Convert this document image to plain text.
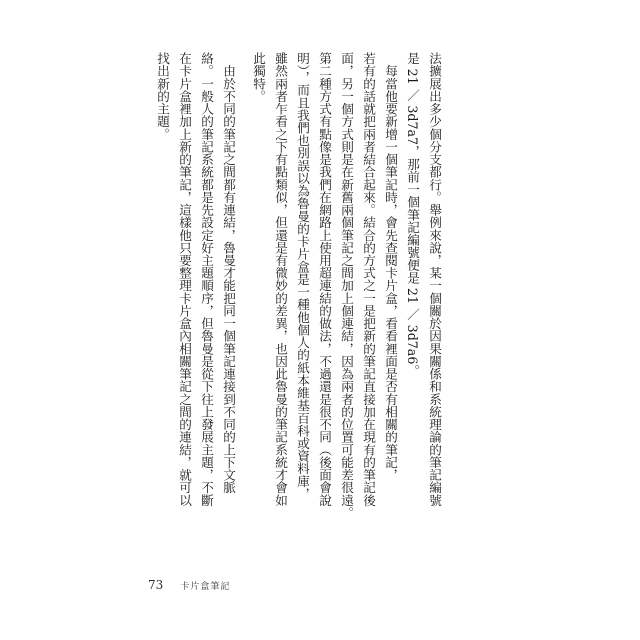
法擴展出多少個分支都行。舉例來說，某一個關於因果關係和系統理論的筆記編號
是 21 ／ 3d7a7，那前一個筆記編號便是 21 ／ 3d7a6。
　每當他要新增一個筆記時，會先查閱卡片盒，看看裡面是否有相關的筆記，
若有的話就把兩者結合起來。結合的方式之一是把新的筆記直接加在現有的筆記後
面，另一個方式則是在新舊兩個筆記之間加上個連結，因為兩者的位置可能差很遠。
第二種方式有點像是我們在網路上使用超連結的做法，不過還是很不同（後面會說
明），而且我們也別誤以為魯曼的卡片盒是一種他個人的紙本維基百科或資料庫，
雖然兩者乍看之下有點類似，但還是有微妙的差異，也因此魯曼的筆記系統才會如
此獨特。
　由於不同的筆記之間都有連結，魯曼才能把同一個筆記連接到不同的上下文脈
絡。一般人的筆記系統都是先設定好主題順序，但魯曼是從下往上發展主題，不斷
在卡片盒裡加上新的筆記，這樣他只要整理卡片盒內相關筆記之間的連結，就可以
找出新的主題。
73 卡片盒筆記
